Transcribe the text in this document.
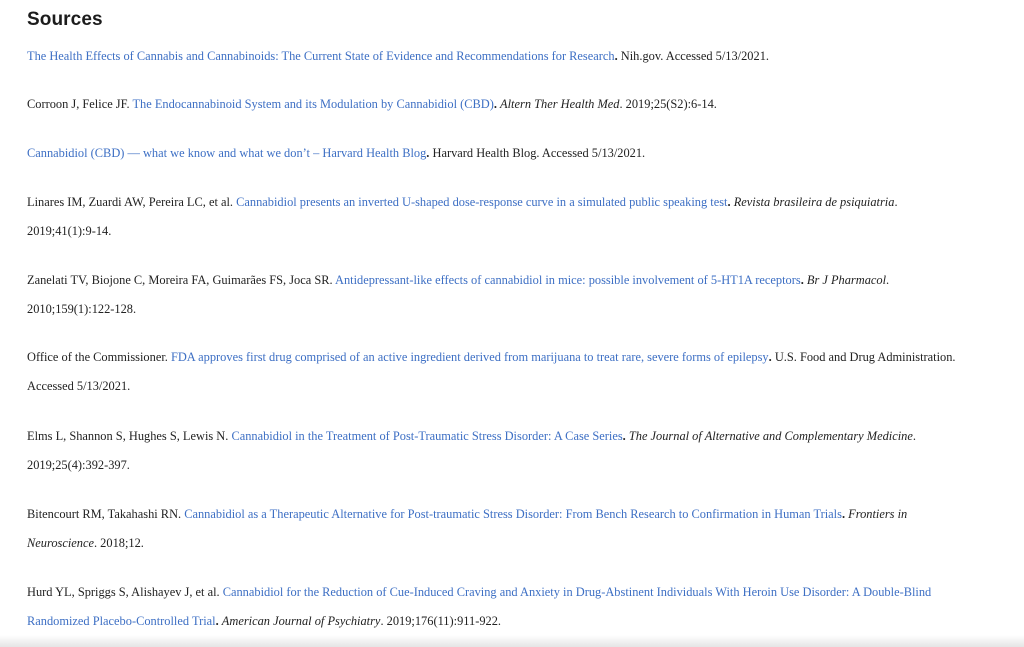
Sources

The Health Effects of Cannabis and Cannabinoids: The Current State of Evidence and Recommendations for Research. Nih.gov. Accessed 5/13/2021.

Corroon J, Felice JF. The Endocannabinoid System and its Modulation by Cannabidiol (CBD). Altern Ther Health Med. 2019;25(S2):6-14.

Cannabidiol (CBD) — what we know and what we don’t – Harvard Health Blog. Harvard Health Blog. Accessed 5/13/2021.

Linares IM, Zuardi AW, Pereira LC, et al. Cannabidiol presents an inverted U-shaped dose-response curve in a simulated public speaking test. Revista brasileira de psiquiatria. 2019;41(1):9-14.

Zanelati TV, Biojone C, Moreira FA, Guimarães FS, Joca SR. Antidepressant-like effects of cannabidiol in mice: possible involvement of 5-HT1A receptors. Br J Pharmacol. 2010;159(1):122-128.

Office of the Commissioner. FDA approves first drug comprised of an active ingredient derived from marijuana to treat rare, severe forms of epilepsy. U.S. Food and Drug Administration. Accessed 5/13/2021.

Elms L, Shannon S, Hughes S, Lewis N. Cannabidiol in the Treatment of Post-Traumatic Stress Disorder: A Case Series. The Journal of Alternative and Complementary Medicine. 2019;25(4):392-397.

Bitencourt RM, Takahashi RN. Cannabidiol as a Therapeutic Alternative for Post-traumatic Stress Disorder: From Bench Research to Confirmation in Human Trials. Frontiers in Neuroscience. 2018;12.

Hurd YL, Spriggs S, Alishayev J, et al. Cannabidiol for the Reduction of Cue-Induced Craving and Anxiety in Drug-Abstinent Individuals With Heroin Use Disorder: A Double-Blind Randomized Placebo-Controlled Trial. American Journal of Psychiatry. 2019;176(11):911-922.
